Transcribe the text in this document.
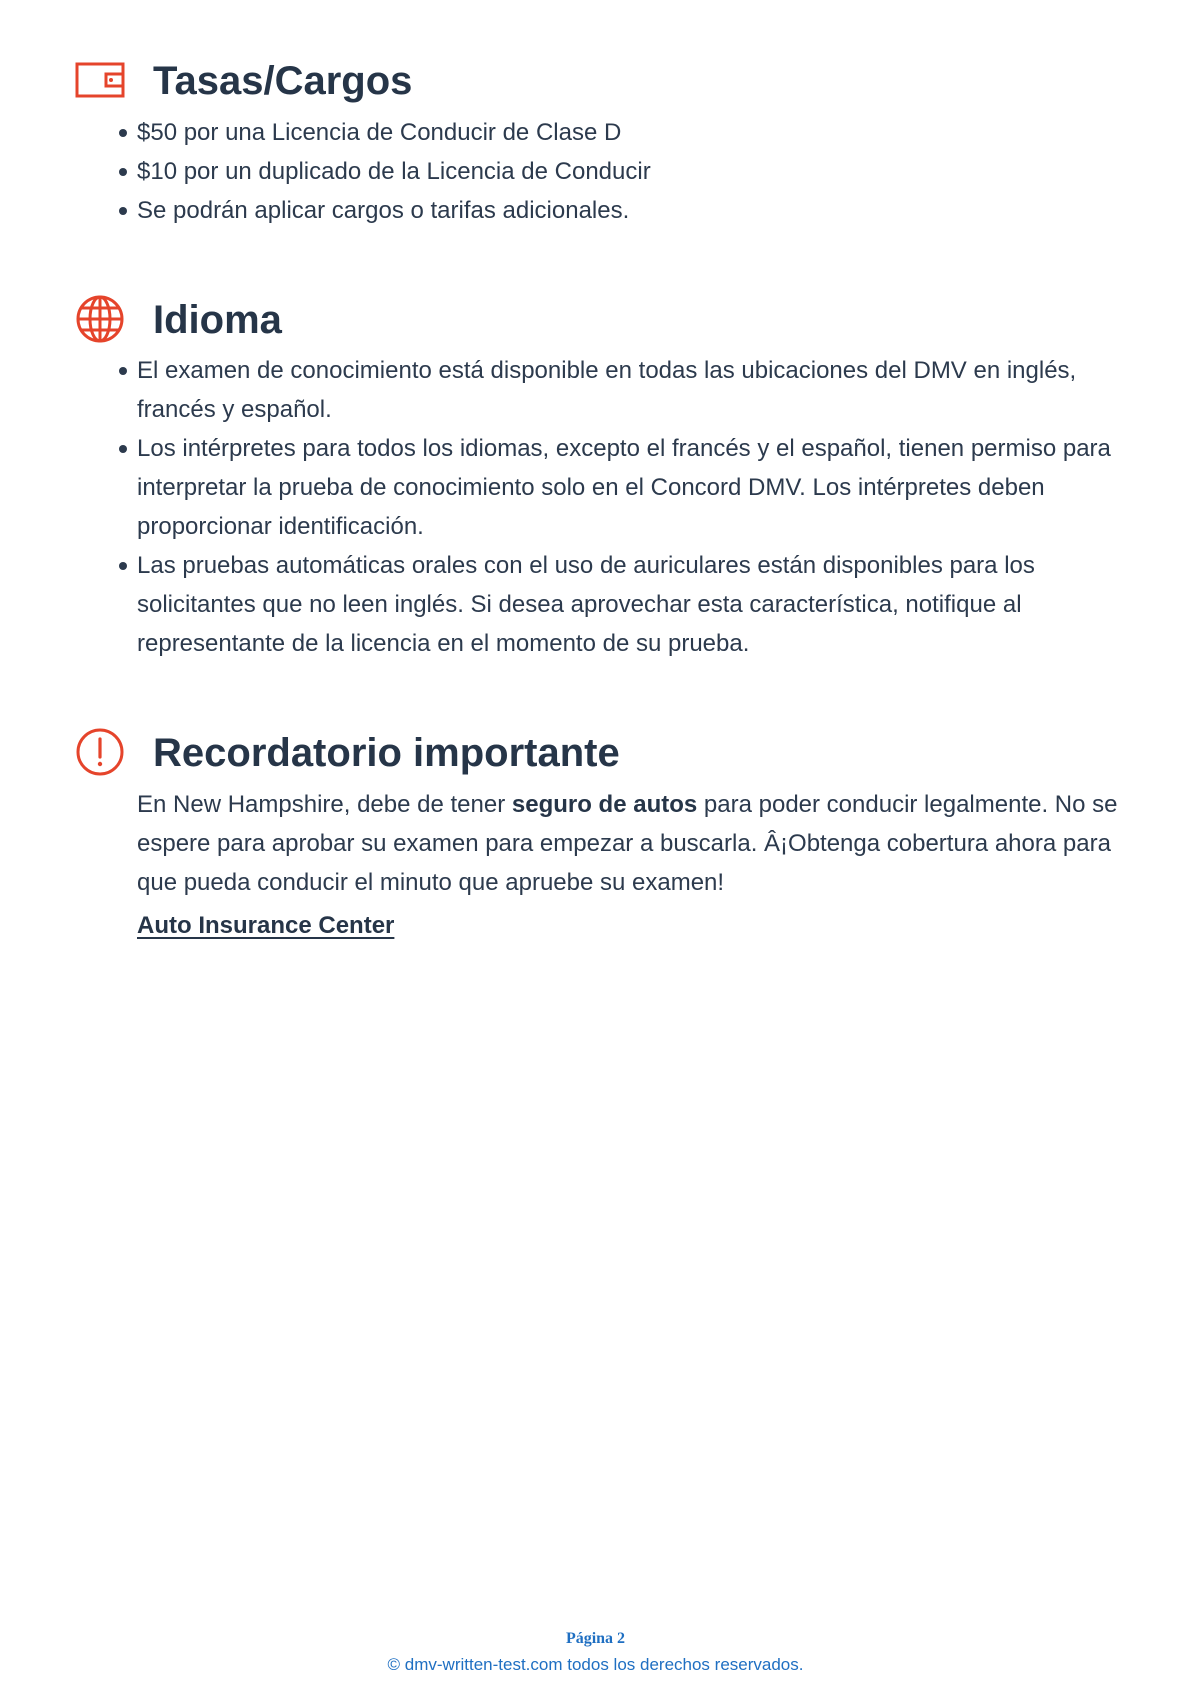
Tasas/Cargos
$50 por una Licencia de Conducir de Clase D
$10 por un duplicado de la Licencia de Conducir
Se podrán aplicar cargos o tarifas adicionales.
Idioma
El examen de conocimiento está disponible en todas las ubicaciones del DMV en inglés, francés y español.
Los intérpretes para todos los idiomas, excepto el francés y el español, tienen permiso para interpretar la prueba de conocimiento solo en el Concord DMV. Los intérpretes deben proporcionar identificación.
Las pruebas automáticas orales con el uso de auriculares están disponibles para los solicitantes que no leen inglés. Si desea aprovechar esta característica, notifique al representante de la licencia en el momento de su prueba.
Recordatorio importante

En New Hampshire, debe de tener seguro de autos para poder conducir legalmente. No se espere para aprobar su examen para empezar a buscarla. Â¡Obtenga cobertura ahora para que pueda conducir el minuto que apruebe su examen!

Auto Insurance Center
Página 2
© dmv-written-test.com todos los derechos reservados.
